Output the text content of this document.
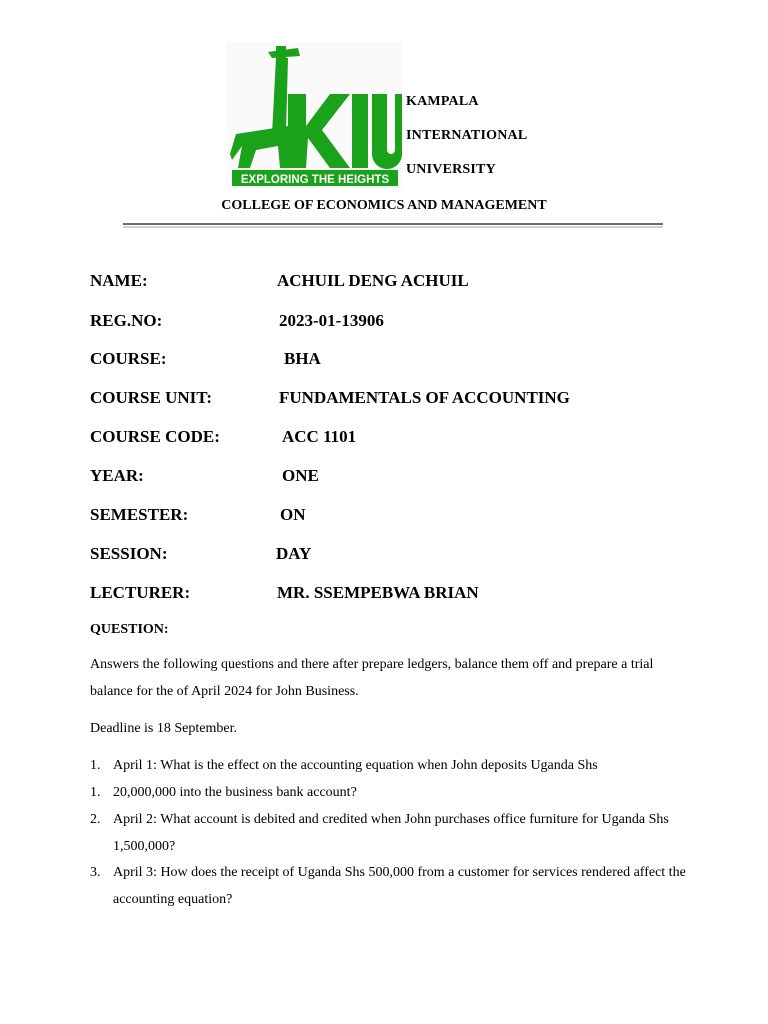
EXPLORING THE HEIGHTS
KAMPALA
INTERNATIONAL
UNIVERSITY
COLLEGE OF ECONOMICS AND MANAGEMENT
NAME:	ACHUIL DENG ACHUIL
REG.NO:	2023-01-13906
COURSE:	BHA
COURSE UNIT:	FUNDAMENTALS OF ACCOUNTING
COURSE CODE:	ACC 1101
YEAR:	ONE
SEMESTER:	ON
SESSION:	DAY
LECTURER:	MR. SSEMPEBWA BRIAN
QUESTION:
Answers the following questions and there after prepare ledgers, balance them off and prepare a trial balance for the of April 2024 for John Business.
Deadline is 18 September.
1. April 1: What is the effect on the accounting equation when John deposits Uganda Shs
1. 20,000,000 into the business bank account?
2. April 2: What account is debited and credited when John purchases office furniture for Uganda Shs 1,500,000?
3. April 3: How does the receipt of Uganda Shs 500,000 from a customer for services rendered affect the accounting equation?
